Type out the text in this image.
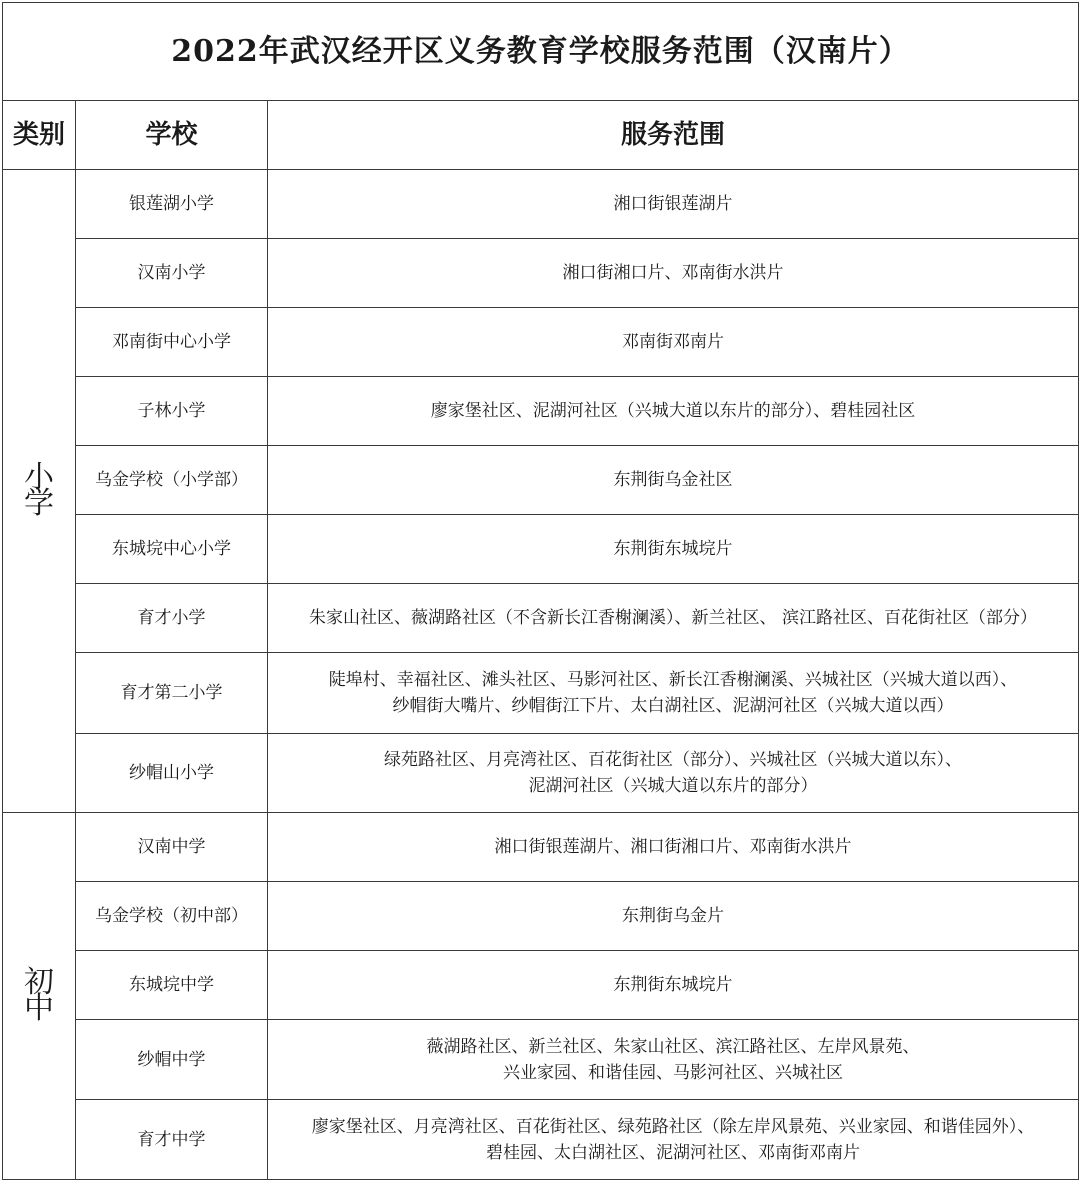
2022年武汉经开区义务教育学校服务范围（汉南片）		
类别	学校	服务范围

小
学	银莲湖小学	湘口街银莲湖片

	汉南小学	湘口街湘口片、邓南街水洪片

	邓南街中心小学	邓南街邓南片

	子林小学	廖家堡社区、泥湖河社区（兴城大道以东片的部分）、碧桂园社区

	乌金学校（小学部）	东荆街乌金社区

	东城垸中心小学	东荆街东城垸片

	育才小学	朱家山社区、薇湖路社区（不含新长江香榭澜溪）、新兰社区、 滨江路社区、百花街社区（部分）

	育才第二小学	陡埠村、幸福社区、滩头社区、马影河社区、新长江香榭澜溪、兴城社区（兴城大道以西）、
纱帽街大嘴片、纱帽街江下片、太白湖社区、泥湖河社区（兴城大道以西）

	纱帽山小学	绿苑路社区、月亮湾社区、百花街社区（部分）、兴城社区（兴城大道以东）、
泥湖河社区（兴城大道以东片的部分）

初
中	汉南中学	湘口街银莲湖片、湘口街湘口片、邓南街水洪片

	乌金学校（初中部）	东荆街乌金片

	东城垸中学	东荆街东城垸片

	纱帽中学	薇湖路社区、新兰社区、朱家山社区、滨江路社区、左岸风景苑、
兴业家园、和谐佳园、马影河社区、兴城社区

	育才中学	廖家堡社区、月亮湾社区、百花街社区、绿苑路社区（除左岸风景苑、兴业家园、和谐佳园外）、
碧桂园、太白湖社区、泥湖河社区、邓南街邓南片
